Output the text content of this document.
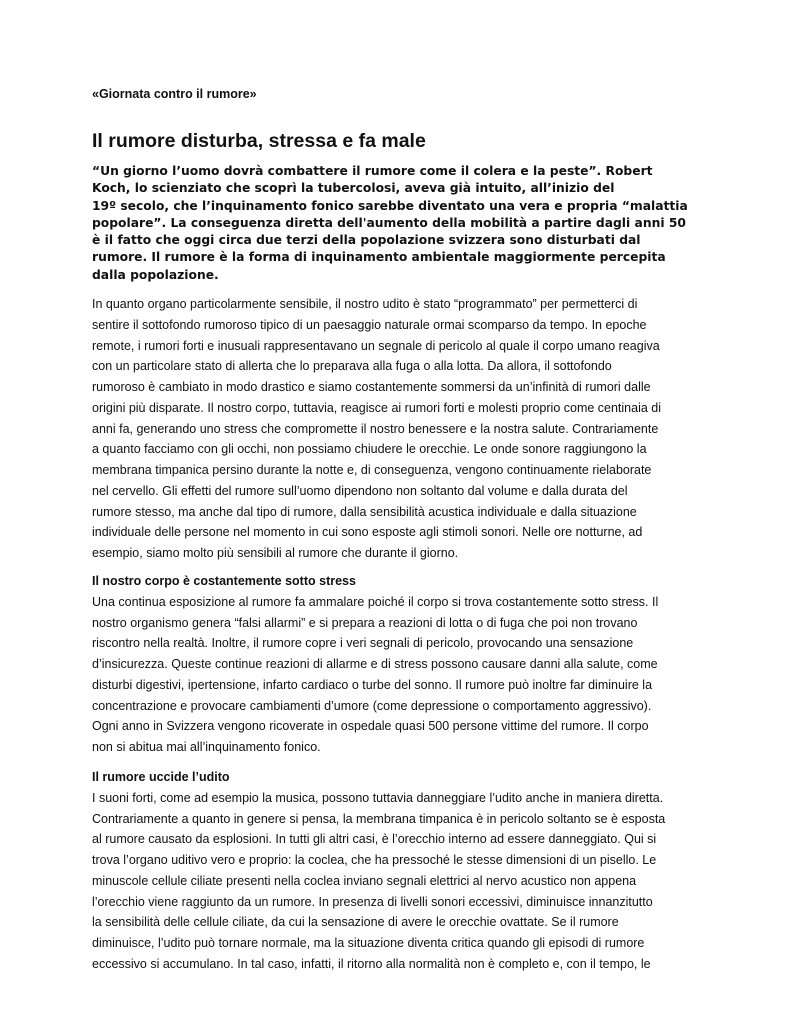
«Giornata contro il rumore»
Il rumore disturba, stressa e fa male

“Un giorno l’uomo dovrà combattere il rumore come il colera e la peste”. Robert
Koch, lo scienziato che scoprì la tubercolosi, aveva già intuito, all’inizio del
19º secolo, che l’inquinamento fonico sarebbe diventato una vera e propria “malattia
popolare”. La conseguenza diretta dell'aumento della mobilità a partire dagli anni 50
è il fatto che oggi circa due terzi della popolazione svizzera sono disturbati dal
rumore. Il rumore è la forma di inquinamento ambientale maggiormente percepita
dalla popolazione.

In quanto organo particolarmente sensibile, il nostro udito è stato “programmato” per permetterci di
sentire il sottofondo rumoroso tipico di un paesaggio naturale ormai scomparso da tempo. In epoche
remote, i rumori forti e inusuali rappresentavano un segnale di pericolo al quale il corpo umano reagiva
con un particolare stato di allerta che lo preparava alla fuga o alla lotta. Da allora, il sottofondo
rumoroso è cambiato in modo drastico e siamo costantemente sommersi da un’infinità di rumori dalle
origini più disparate. Il nostro corpo, tuttavia, reagisce ai rumori forti e molesti proprio come centinaia di
anni fa, generando uno stress che compromette il nostro benessere e la nostra salute. Contrariamente
a quanto facciamo con gli occhi, non possiamo chiudere le orecchie. Le onde sonore raggiungono la
membrana timpanica persino durante la notte e, di conseguenza, vengono continuamente rielaborate
nel cervello. Gli effetti del rumore sull’uomo dipendono non soltanto dal volume e dalla durata del
rumore stesso, ma anche dal tipo di rumore, dalla sensibilità acustica individuale e dalla situazione
individuale delle persone nel momento in cui sono esposte agli stimoli sonori. Nelle ore notturne, ad
esempio, siamo molto più sensibili al rumore che durante il giorno.

Il nostro corpo è costantemente sotto stress
Una continua esposizione al rumore fa ammalare poiché il corpo si trova costantemente sotto stress. Il
nostro organismo genera “falsi allarmi” e si prepara a reazioni di lotta o di fuga che poi non trovano
riscontro nella realtà. Inoltre, il rumore copre i veri segnali di pericolo, provocando una sensazione
d’insicurezza. Queste continue reazioni di allarme e di stress possono causare danni alla salute, come
disturbi digestivi, ipertensione, infarto cardiaco o turbe del sonno. Il rumore può inoltre far diminuire la
concentrazione e provocare cambiamenti d’umore (come depressione o comportamento aggressivo).
Ogni anno in Svizzera vengono ricoverate in ospedale quasi 500 persone vittime del rumore. Il corpo
non si abitua mai all’inquinamento fonico.

Il rumore uccide l’udito
I suoni forti, come ad esempio la musica, possono tuttavia danneggiare l’udito anche in maniera diretta.
Contrariamente a quanto in genere si pensa, la membrana timpanica è in pericolo soltanto se è esposta
al rumore causato da esplosioni. In tutti gli altri casi, è l’orecchio interno ad essere danneggiato. Qui si
trova l’organo uditivo vero e proprio: la coclea, che ha pressoché le stesse dimensioni di un pisello. Le
minuscole cellule ciliate presenti nella coclea inviano segnali elettrici al nervo acustico non appena
l’orecchio viene raggiunto da un rumore. In presenza di livelli sonori eccessivi, diminuisce innanzitutto
la sensibilità delle cellule ciliate, da cui la sensazione di avere le orecchie ovattate. Se il rumore
diminuisce, l’udito può tornare normale, ma la situazione diventa critica quando gli episodi di rumore
eccessivo si accumulano. In tal caso, infatti, il ritorno alla normalità non è completo e, con il tempo, le
